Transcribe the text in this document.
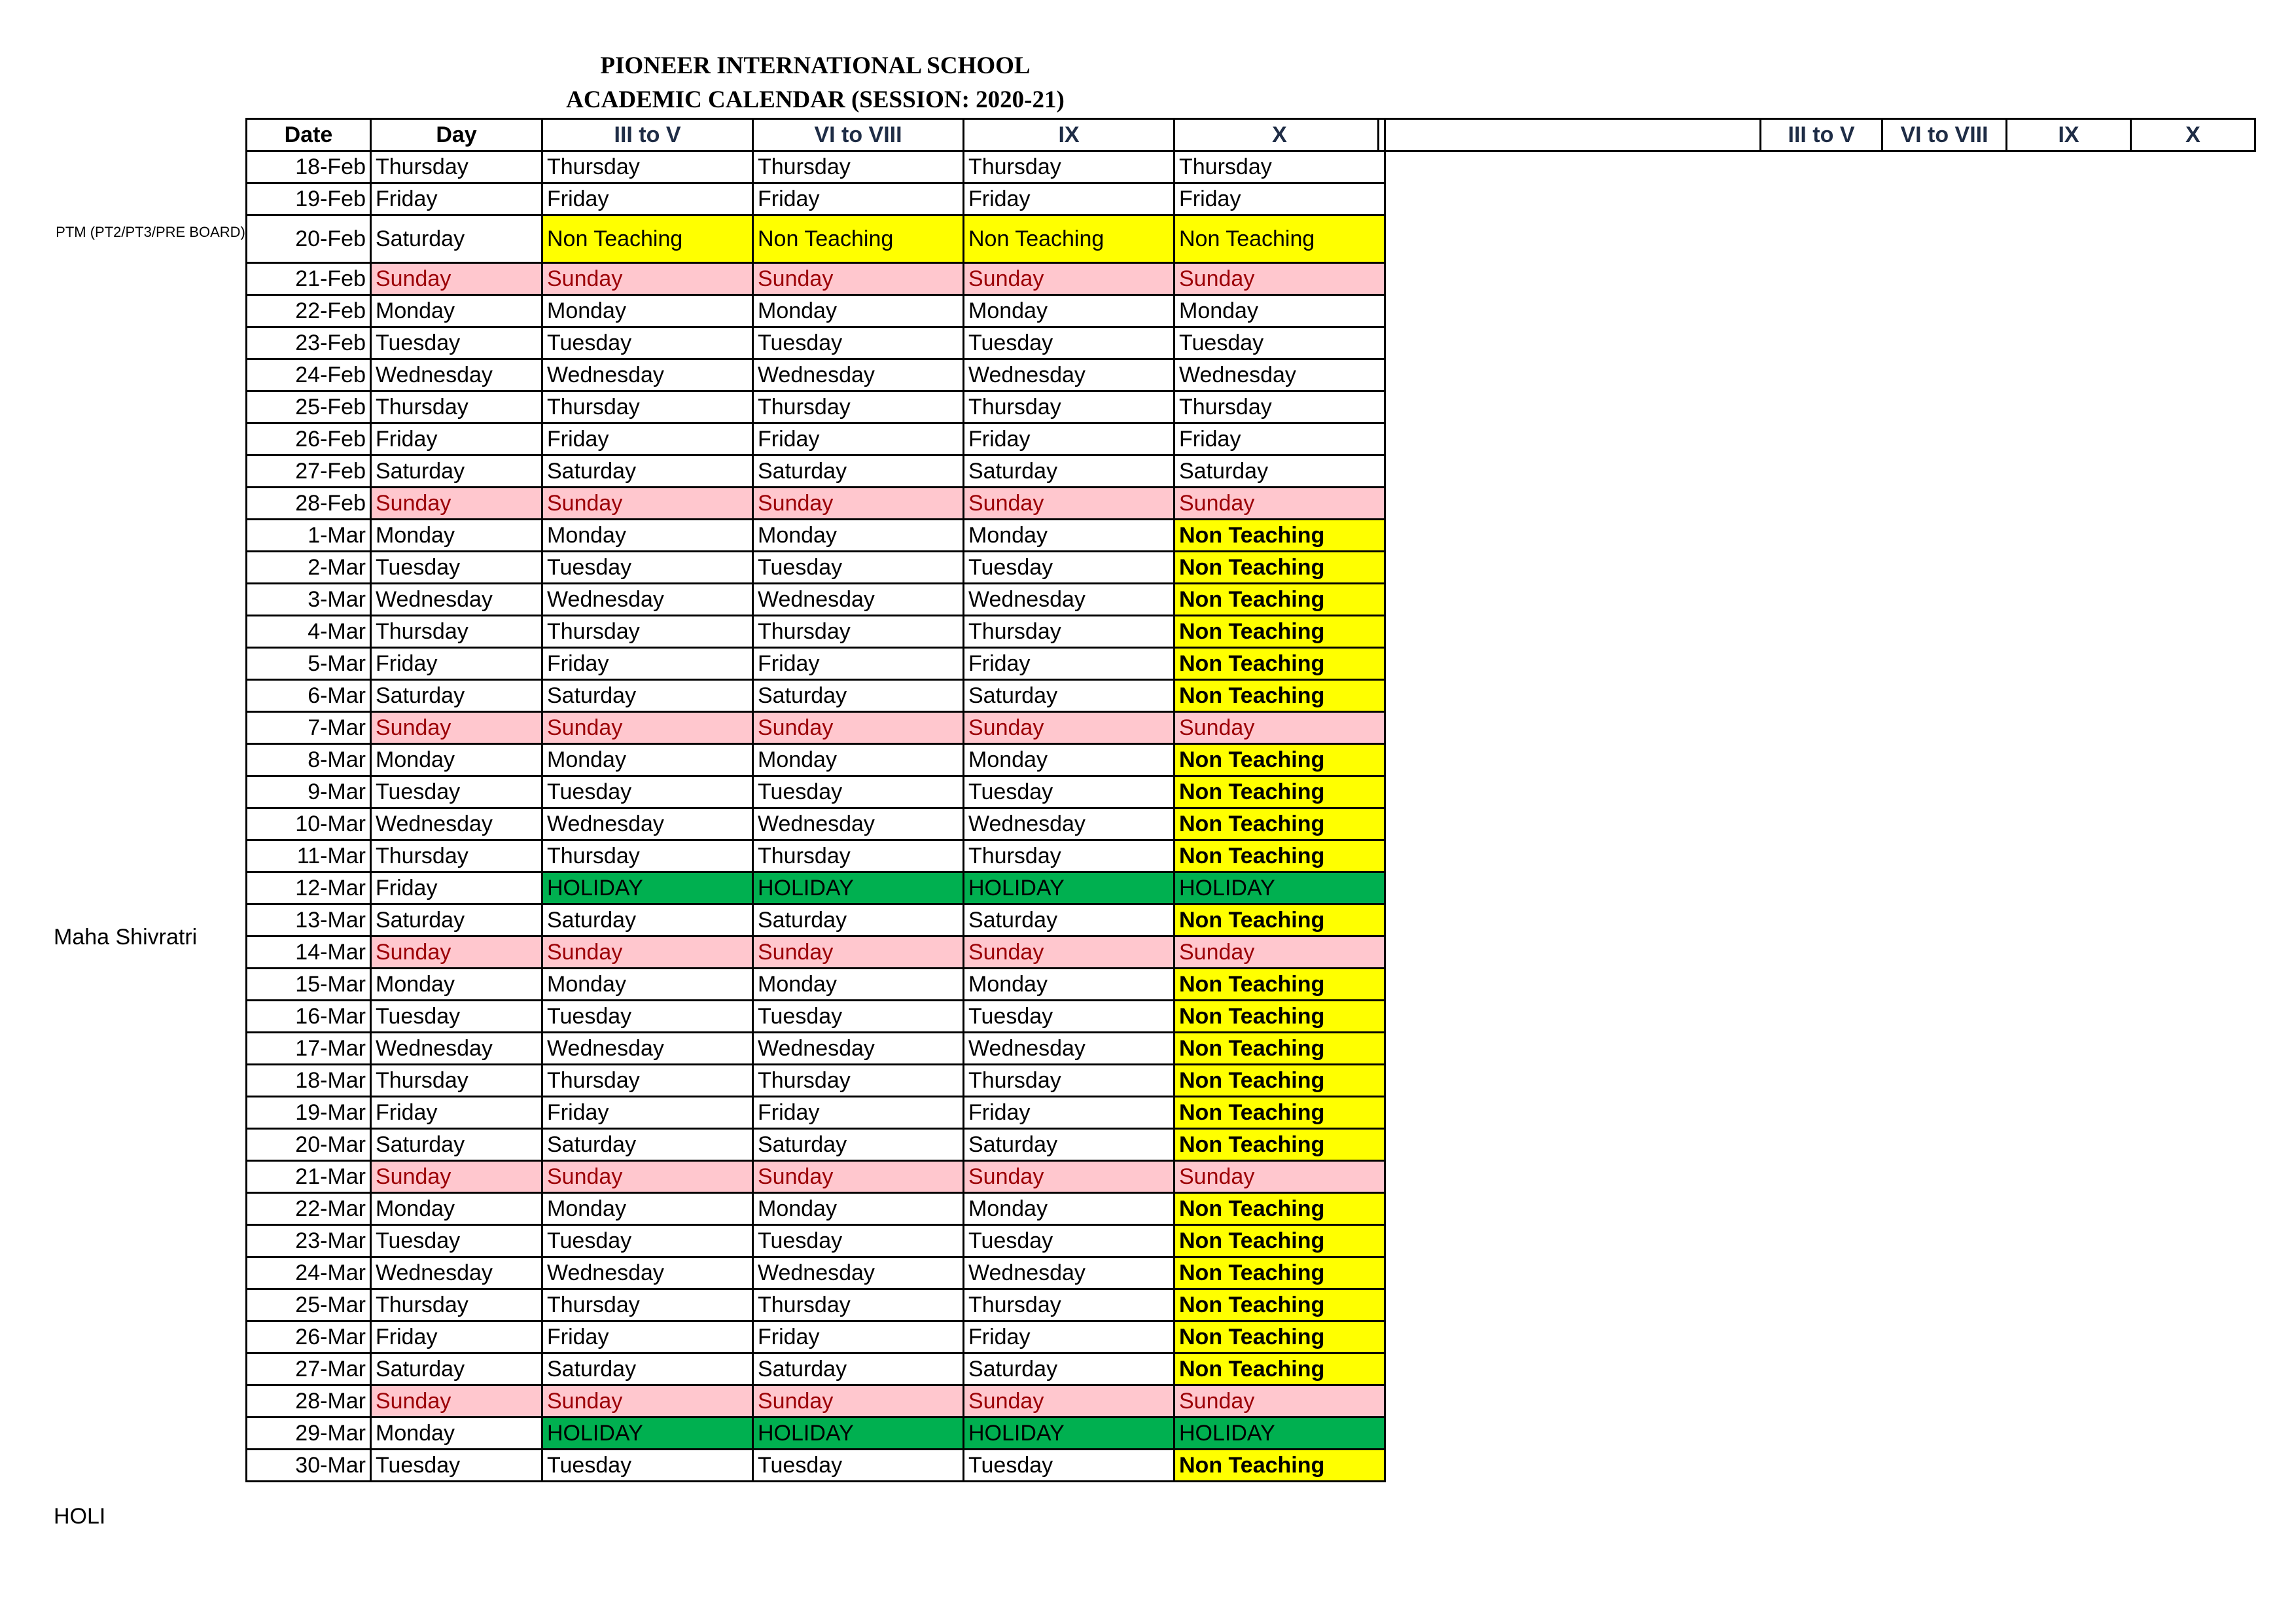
PIONEER INTERNATIONAL SCHOOL
ACADEMIC CALENDAR (SESSION: 2020-21)
PTM (PT2/PT3/PRE BOARD)
Maha Shivratri
HOLI
Date	Day	III to V	VI to VIII	IX	X
18-Feb	Thursday	Thursday	Thursday	Thursday	Thursday
19-Feb	Friday	Friday	Friday	Friday	Friday
20-Feb	Saturday	Non Teaching	Non Teaching	Non Teaching	Non Teaching
21-Feb	Sunday	Sunday	Sunday	Sunday	Sunday
22-Feb	Monday	Monday	Monday	Monday	Monday
23-Feb	Tuesday	Tuesday	Tuesday	Tuesday	Tuesday
24-Feb	Wednesday	Wednesday	Wednesday	Wednesday	Wednesday
25-Feb	Thursday	Thursday	Thursday	Thursday	Thursday
26-Feb	Friday	Friday	Friday	Friday	Friday
27-Feb	Saturday	Saturday	Saturday	Saturday	Saturday
28-Feb	Sunday	Sunday	Sunday	Sunday	Sunday
1-Mar	Monday	Monday	Monday	Monday	Non Teaching
2-Mar	Tuesday	Tuesday	Tuesday	Tuesday	Non Teaching
3-Mar	Wednesday	Wednesday	Wednesday	Wednesday	Non Teaching
4-Mar	Thursday	Thursday	Thursday	Thursday	Non Teaching
5-Mar	Friday	Friday	Friday	Friday	Non Teaching
6-Mar	Saturday	Saturday	Saturday	Saturday	Non Teaching
7-Mar	Sunday	Sunday	Sunday	Sunday	Sunday
8-Mar	Monday	Monday	Monday	Monday	Non Teaching
9-Mar	Tuesday	Tuesday	Tuesday	Tuesday	Non Teaching
10-Mar	Wednesday	Wednesday	Wednesday	Wednesday	Non Teaching
11-Mar	Thursday	Thursday	Thursday	Thursday	Non Teaching
12-Mar	Friday	HOLIDAY	HOLIDAY	HOLIDAY	HOLIDAY
13-Mar	Saturday	Saturday	Saturday	Saturday	Non Teaching
14-Mar	Sunday	Sunday	Sunday	Sunday	Sunday
15-Mar	Monday	Monday	Monday	Monday	Non Teaching
16-Mar	Tuesday	Tuesday	Tuesday	Tuesday	Non Teaching
17-Mar	Wednesday	Wednesday	Wednesday	Wednesday	Non Teaching
18-Mar	Thursday	Thursday	Thursday	Thursday	Non Teaching
19-Mar	Friday	Friday	Friday	Friday	Non Teaching
20-Mar	Saturday	Saturday	Saturday	Saturday	Non Teaching
21-Mar	Sunday	Sunday	Sunday	Sunday	Sunday
22-Mar	Monday	Monday	Monday	Monday	Non Teaching
23-Mar	Tuesday	Tuesday	Tuesday	Tuesday	Non Teaching
24-Mar	Wednesday	Wednesday	Wednesday	Wednesday	Non Teaching
25-Mar	Thursday	Thursday	Thursday	Thursday	Non Teaching
26-Mar	Friday	Friday	Friday	Friday	Non Teaching
27-Mar	Saturday	Saturday	Saturday	Saturday	Non Teaching
28-Mar	Sunday	Sunday	Sunday	Sunday	Sunday
29-Mar	Monday	HOLIDAY	HOLIDAY	HOLIDAY	HOLIDAY
30-Mar	Tuesday	Tuesday	Tuesday	Tuesday	Non Teaching
	III to V	VI to VIII	IX	X
